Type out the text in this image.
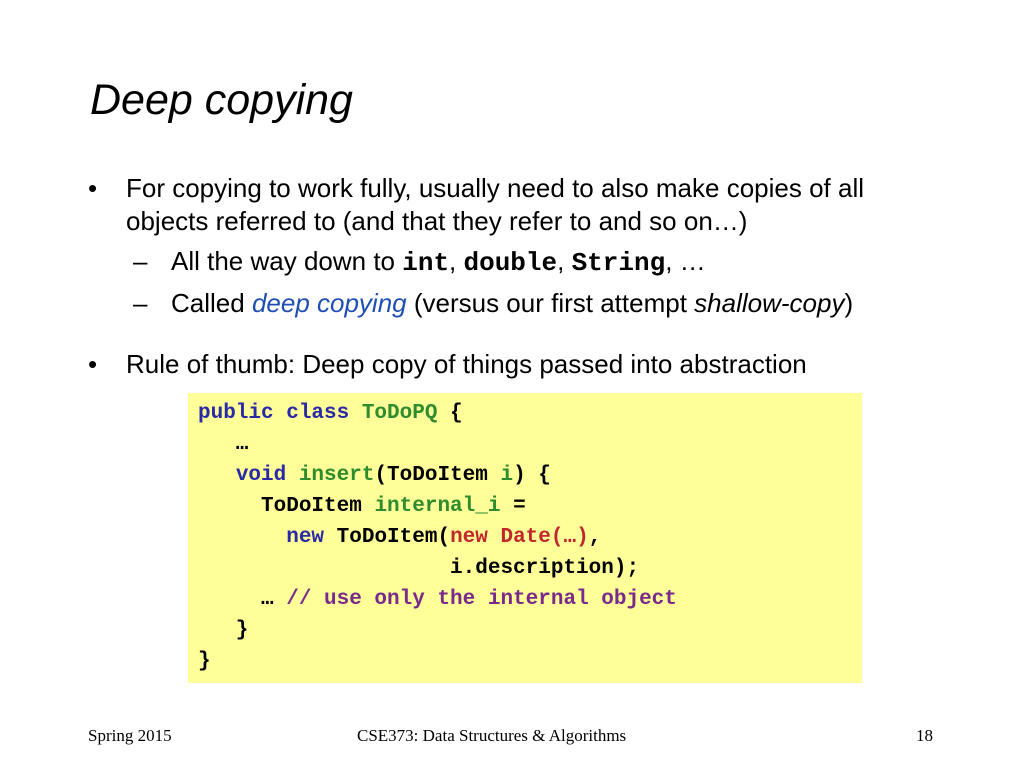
Deep copying
• For copying to work fully, usually need to also make copies of all
objects referred to (and that they refer to and so on…)
– All the way down to int, double, String, …
– Called deep copying (versus our first attempt shallow-copy)
• Rule of thumb: Deep copy of things passed into abstraction
public class ToDoPQ {
…
void insert(ToDoItem i) {
ToDoItem internal_i =
new ToDoItem(new Date(…),
i.description);
… // use only the internal object
}
}
Spring 2015	CSE373: Data Structures & Algorithms	18
